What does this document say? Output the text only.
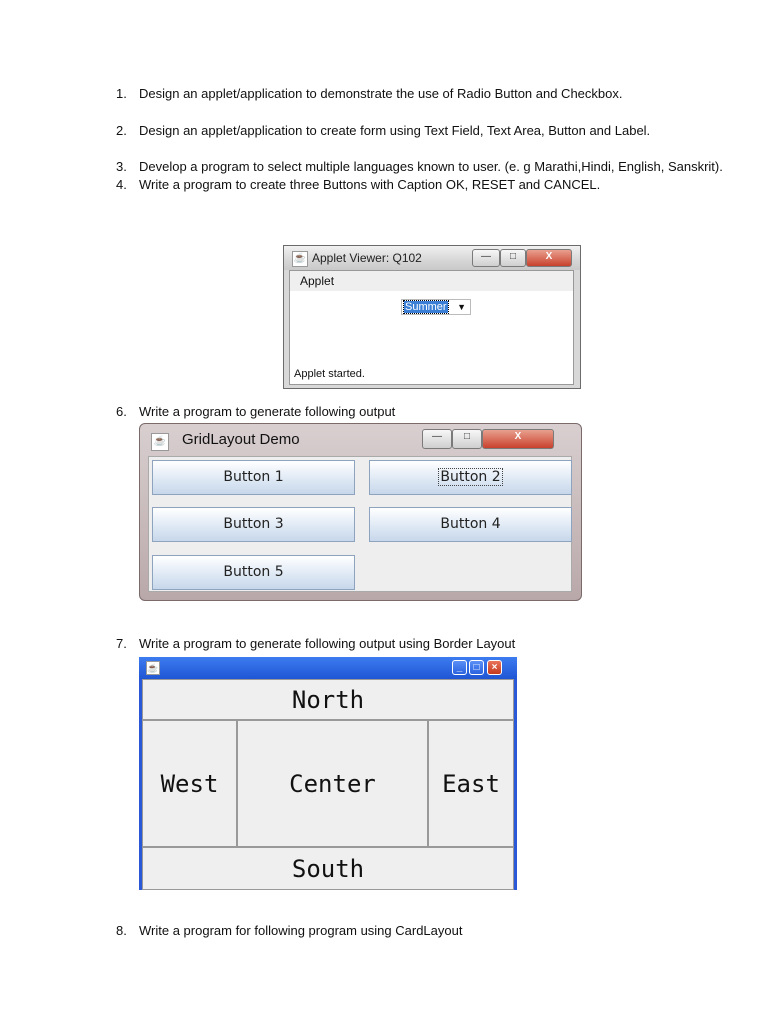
1. Design an applet/application to demonstrate the use of Radio Button and Checkbox.
2. Design an applet/application to create form using Text Field, Text Area, Button and Label.
3. Develop a program to select multiple languages known to user. (e. g Marathi,Hindi, English, Sanskrit).
4. Write a program to create three Buttons with Caption OK, RESET and CANCEL.
☕ Applet Viewer: Q102	—	□	X
Applet
Summer ▼
Applet started.
6. Write a program to generate following output
☕ GridLayout Demo	—	□	X
Button 1	Button 2
Button 3	Button 4
Button 5
7. Write a program to generate following output using Border Layout
☕	_	□	×
North
West	Center	East
South
8. Write a program for following program using CardLayout
